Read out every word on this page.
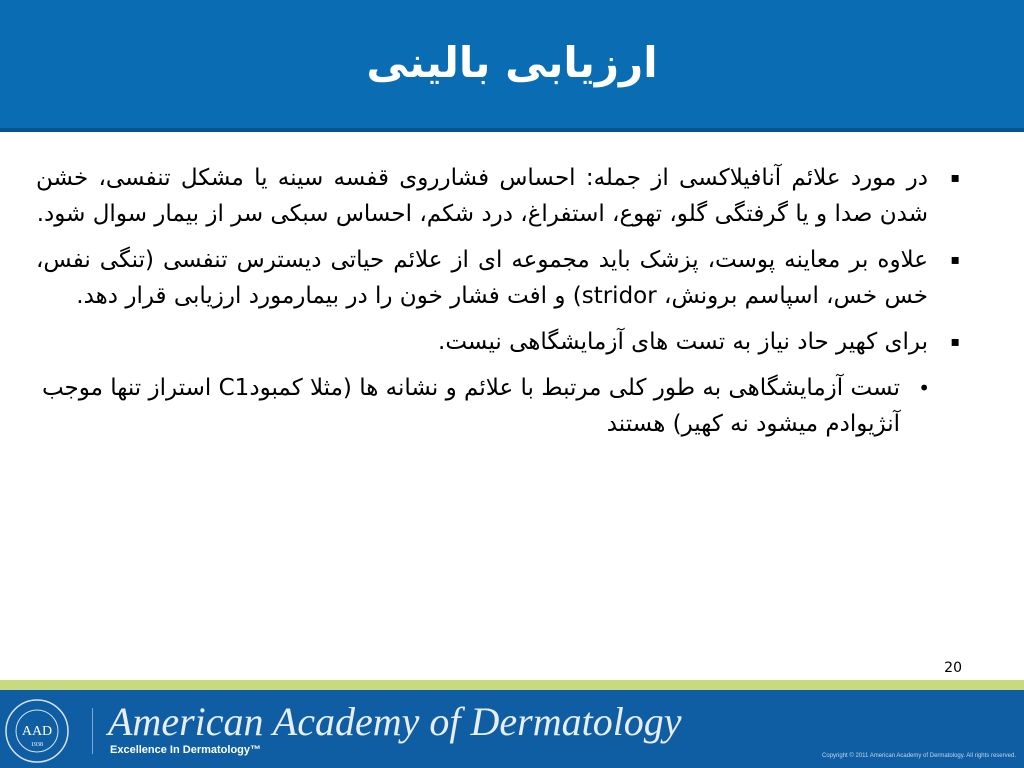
ارزیابی بالینی
▪
در مورد علائم آنافیلاکسی از جمله: احساس فشارروی قفسه سینه یا مشکل تنفسی، خشن شدن صدا و یا گرفتگی گلو، تهوع، استفراغ، درد شکم، احساس سبکی سر از بیمار سوال شود.
▪
علاوه بر معاینه پوست، پزشک باید مجموعه ای از علائم حیاتی دیسترس تنفسی (تنگی نفس، خس خس، اسپاسم برونش، stridor) و افت فشار خون را در بیمارمورد ارزیابی قرار دهد.
▪
برای کهیر حاد نیاز به تست های آزمایشگاهی نیست.
•
تست آزمایشگاهی به طور کلی مرتبط با علائم و نشانه ها (مثلا کمبودC1 استراز تنها موجب آنژیوادم میشود نه کهیر) هستند
20
AAD
1938
American Academy of Dermatology
Excellence In Dermatology™	Copyright © 2011 American Academy of Dermatology. All rights reserved.
